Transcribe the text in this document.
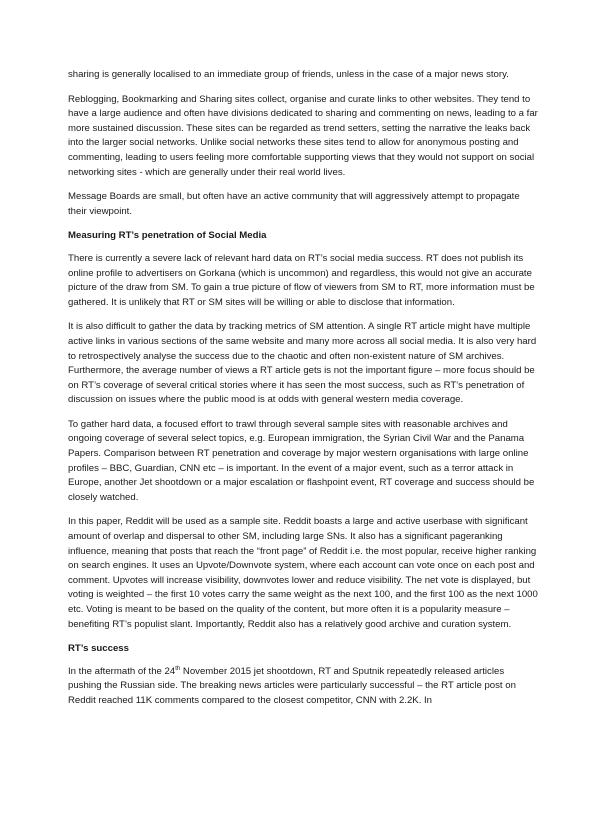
sharing is generally localised to an immediate group of friends, unless in the case of a major news story.

Reblogging, Bookmarking and Sharing sites collect, organise and curate links to other websites. They tend to have a large audience and often have divisions dedicated to sharing and commenting on news, leading to a far more sustained discussion. These sites can be regarded as trend setters, setting the narrative the leaks back into the larger social networks. Unlike social networks these sites tend to allow for anonymous posting and commenting, leading to users feeling more comfortable supporting views that they would not support on social networking sites - which are generally under their real world lives.

Message Boards are small, but often have an active community that will aggressively attempt to propagate their viewpoint.

Measuring RT’s penetration of Social Media

There is currently a severe lack of relevant hard data on RT’s social media success. RT does not publish its online profile to advertisers on Gorkana (which is uncommon) and regardless, this would not give an accurate picture of the draw from SM. To gain a true picture of flow of viewers from SM to RT, more information must be gathered. It is unlikely that RT or SM sites will be willing or able to disclose that information.

It is also difficult to gather the data by tracking metrics of SM attention. A single RT article might have multiple active links in various sections of the same website and many more across all social media. It is also very hard to retrospectively analyse the success due to the chaotic and often non-existent nature of SM archives. Furthermore, the average number of views a RT article gets is not the important figure – more focus should be on RT’s coverage of several critical stories where it has seen the most success, such as RT’s penetration of discussion on issues where the public mood is at odds with general western media coverage.

To gather hard data, a focused effort to trawl through several sample sites with reasonable archives and ongoing coverage of several select topics, e.g. European immigration, the Syrian Civil War and the Panama Papers. Comparison between RT penetration and coverage by major western organisations with large online profiles – BBC, Guardian, CNN etc – is important. In the event of a major event, such as a terror attack in Europe, another Jet shootdown or a major escalation or flashpoint event, RT coverage and success should be closely watched.

In this paper, Reddit will be used as a sample site. Reddit boasts a large and active userbase with significant amount of overlap and dispersal to other SM, including large SNs. It also has a significant pageranking influence, meaning that posts that reach the “front page” of Reddit i.e. the most popular, receive higher ranking on search engines. It uses an Upvote/Downvote system, where each account can vote once on each post and comment. Upvotes will increase visibility, downvotes lower and reduce visibility. The net vote is displayed, but voting is weighted – the first 10 votes carry the same weight as the next 100, and the first 100 as the next 1000 etc. Voting is meant to be based on the quality of the content, but more often it is a popularity measure – benefiting RT’s populist slant. Importantly, Reddit also has a relatively good archive and curation system.

RT’s success

In the aftermath of the 24th November 2015 jet shootdown, RT and Sputnik repeatedly released articles pushing the Russian side. The breaking news articles were particularly successful – the RT article post on Reddit reached 11K comments compared to the closest competitor, CNN with 2.2K. In
